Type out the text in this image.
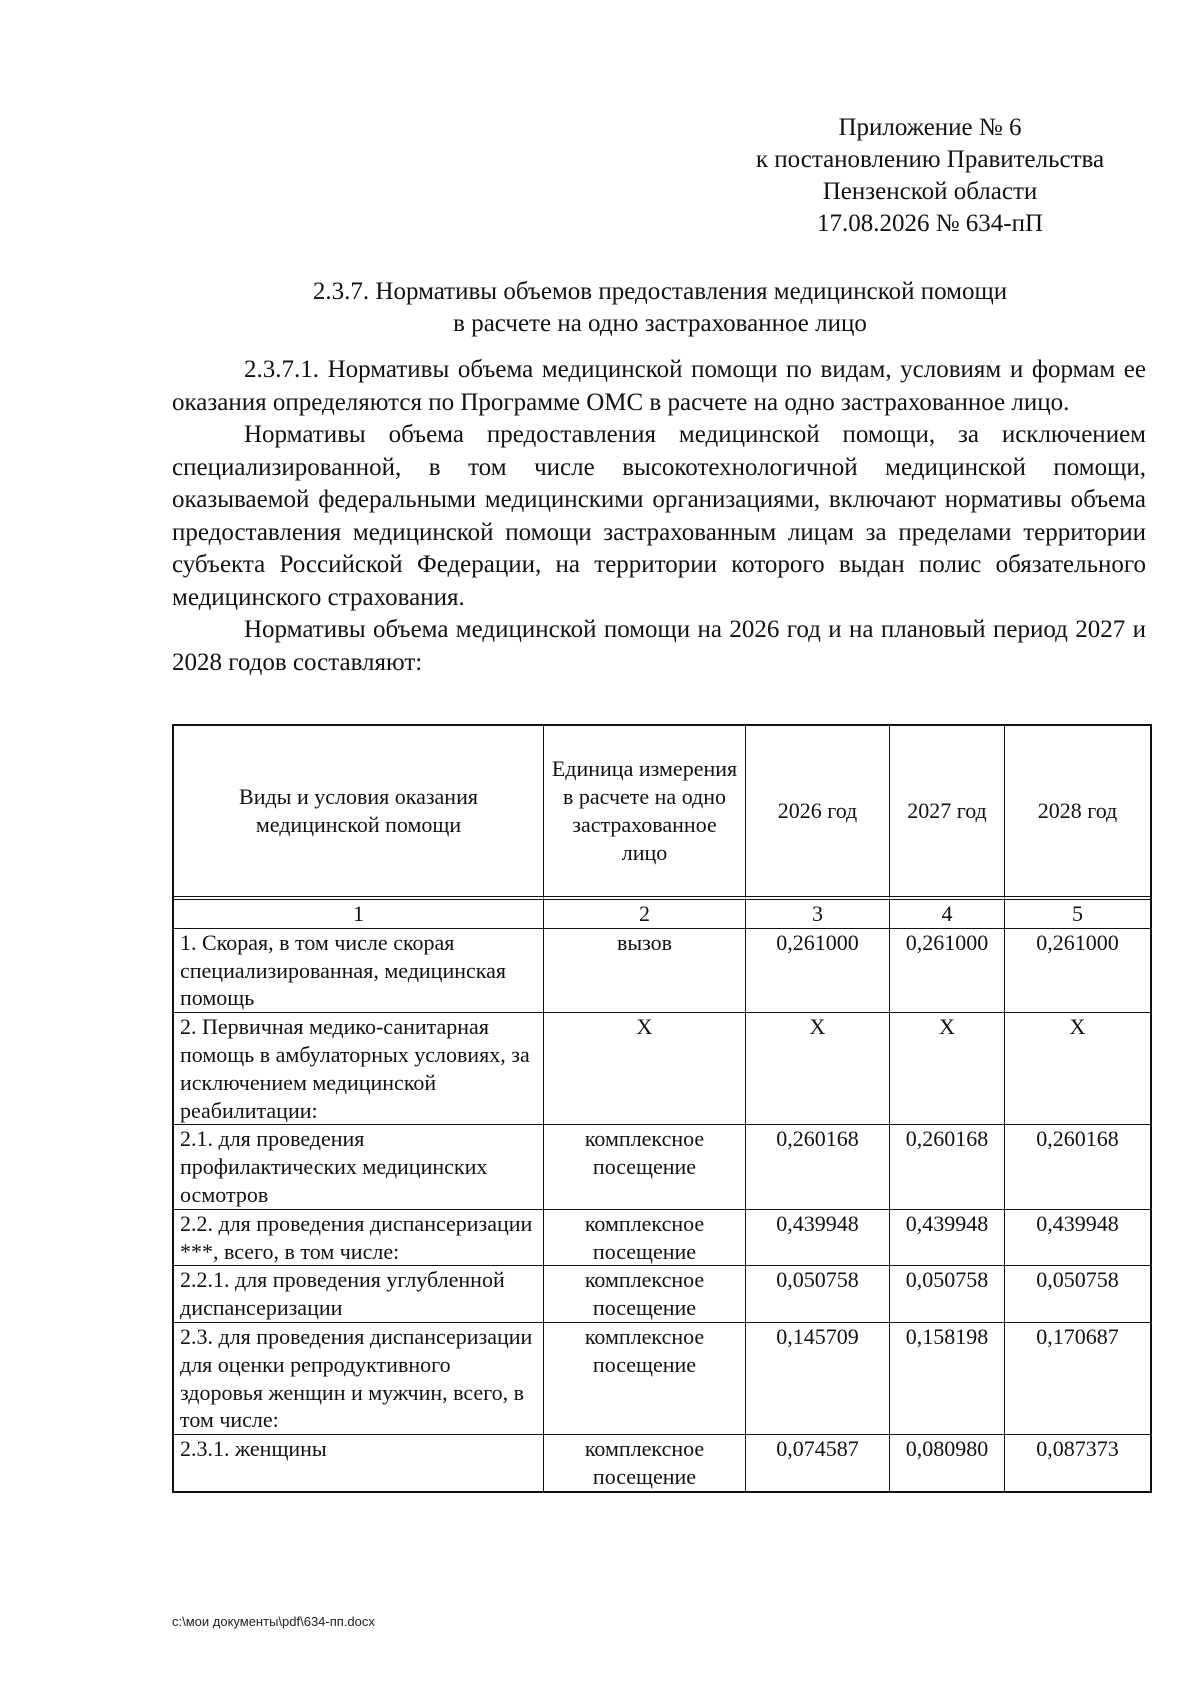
Приложение № 6
к постановлению Правительства
Пензенской области
17.08.2026 № 634-пП
2.3.7. Нормативы объемов предоставления медицинской помощи
в расчете на одно застрахованное лицо

2.3.7.1. Нормативы объема медицинской помощи по видам, условиям и формам ее оказания определяются по Программе ОМС в расчете на одно застрахованное лицо.

Нормативы объема предоставления медицинской помощи, за исключением специализированной, в том числе высокотехнологичной медицинской помощи, оказываемой федеральными медицинскими организациями, включают нормативы объема предоставления медицинской помощи застрахованным лицам за пределами территории субъекта Российской Федерации, на территории которого выдан полис обязательного медицинского страхования.

Нормативы объема медицинской помощи на 2026 год и на плановый период 2027 и 2028 годов составляют:

Виды и условия оказания медицинской помощи	Единица измерения в расчете на одно застрахованное лицо	2026 год	2027 год	2028 год
1	2	3	4	5
1. Скорая, в том числе скорая специализированная, медицинская помощь	вызов	0,261000	0,261000	0,261000
2. Первичная медико-санитарная помощь в амбулаторных условиях, за исключением медицинской реабилитации:	Х	Х	Х	Х
2.1. для проведения профилактических медицинских осмотров	комплексное посещение	0,260168	0,260168	0,260168
2.2. для проведения диспансеризации ***, всего, в том числе:	комплексное посещение	0,439948	0,439948	0,439948
2.2.1. для проведения углубленной диспансеризации	комплексное посещение	0,050758	0,050758	0,050758
2.3. для проведения диспансеризации для оценки репродуктивного здоровья женщин и мужчин, всего, в том числе:	комплексное посещение	0,145709	0,158198	0,170687
2.3.1. женщины	комплексное посещение	0,074587	0,080980	0,087373
c:\мои документы\pdf\634-пп.docx
